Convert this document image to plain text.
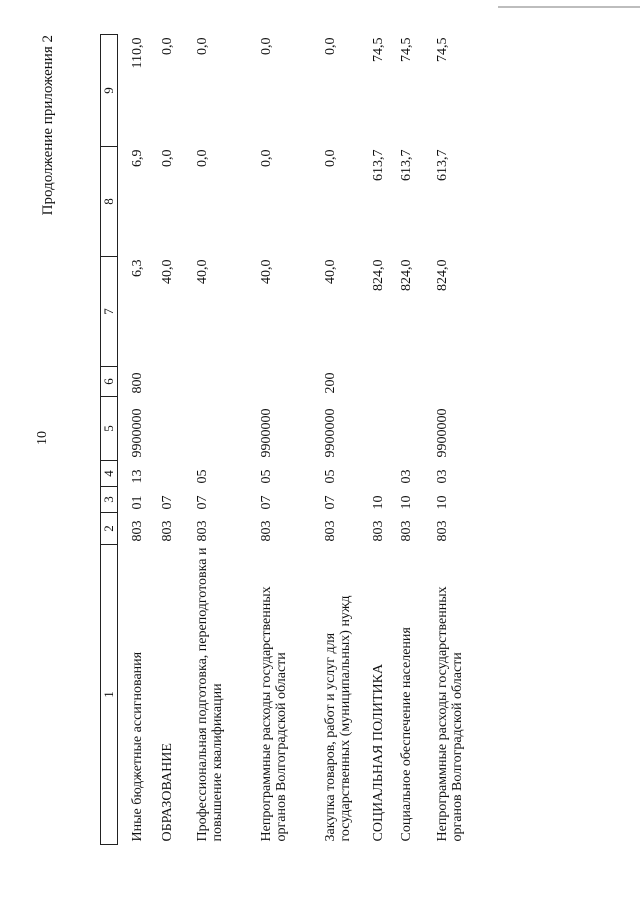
10
Продолжение приложения 2
1	2	3	4	5	6	7	8	9
Иные бюджетные ассигнования	803	01	13	9900000	800	6,3	6,9	110,0
ОБРАЗОВАНИЕ	803	07				40,0	0,0	0,0
Профессиональная подготовка, переподготовка и повышение квалификации	803	07	05			40,0	0,0	0,0
Непрограммные расходы государственных органов Волгоградской области	803	07	05	9900000		40,0	0,0	0,0
Закупка товаров, работ и услуг для государственных (муниципальных) нужд	803	07	05	9900000	200	40,0	0,0	0,0
СОЦИАЛЬНАЯ ПОЛИТИКА	803	10				824,0	613,7	74,5
Социальное обеспечение населения	803	10	03			824,0	613,7	74,5
Непрограммные расходы государственных органов Волгоградской области	803	10	03	9900000		824,0	613,7	74,5
